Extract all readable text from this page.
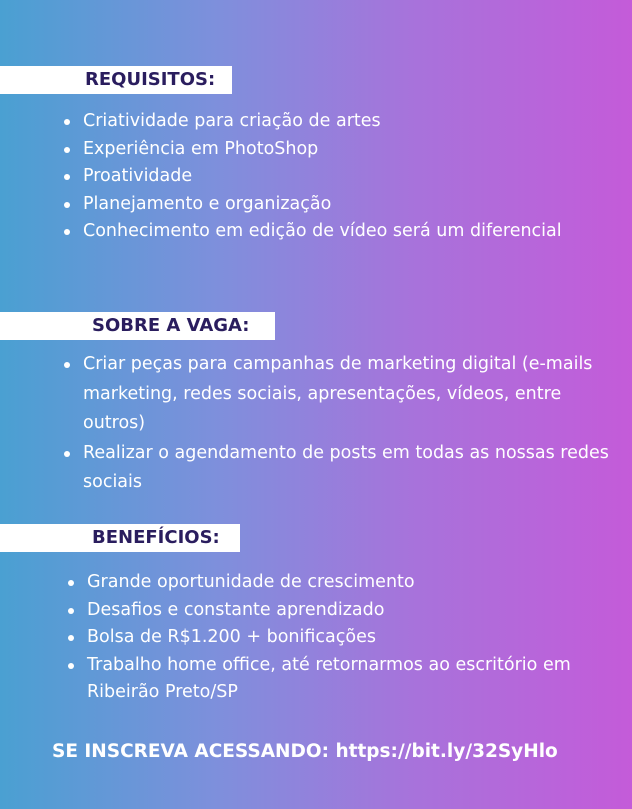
REQUISITOS:
Criatividade para criação de artes
Experiência em PhotoShop
Proatividade
Planejamento e organização
Conhecimento em edição de vídeo será um diferencial
SOBRE A VAGA:
Criar peças para campanhas de marketing digital (e-mails marketing, redes sociais, apresentações, vídeos, entre outros)
Realizar o agendamento de posts em todas as nossas redes sociais
BENEFÍCIOS:
Grande oportunidade de crescimento
Desafios e constante aprendizado
Bolsa de R$1.200 + bonificações
Trabalho home office, até retornarmos ao escritório em Ribeirão Preto/SP
SE INSCREVA ACESSANDO: https://bit.ly/32SyHlo
